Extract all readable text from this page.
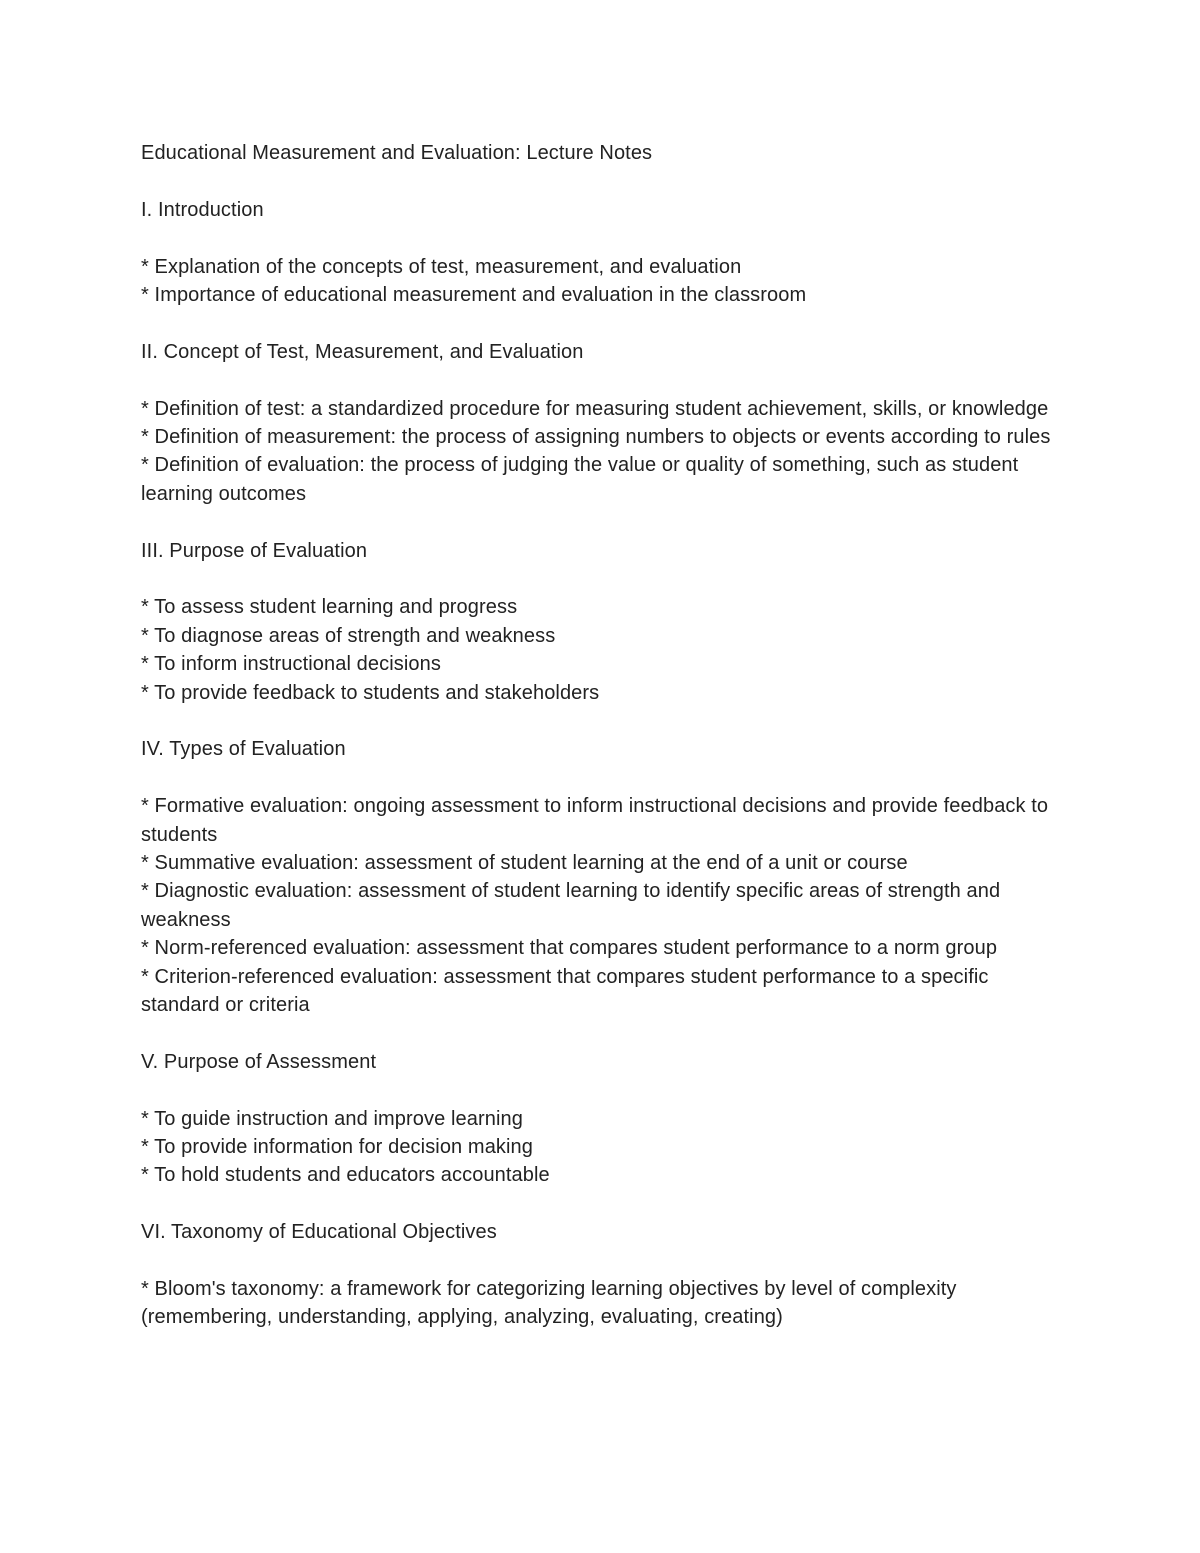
Educational Measurement and Evaluation: Lecture Notes

I. Introduction

* Explanation of the concepts of test, measurement, and evaluation

* Importance of educational measurement and evaluation in the classroom

II. Concept of Test, Measurement, and Evaluation

* Definition of test: a standardized procedure for measuring student achievement, skills, or knowledge

* Definition of measurement: the process of assigning numbers to objects or events according to rules

* Definition of evaluation: the process of judging the value or quality of something, such as student learning outcomes

III. Purpose of Evaluation

* To assess student learning and progress

* To diagnose areas of strength and weakness

* To inform instructional decisions

* To provide feedback to students and stakeholders

IV. Types of Evaluation

* Formative evaluation: ongoing assessment to inform instructional decisions and provide feedback to students

* Summative evaluation: assessment of student learning at the end of a unit or course

* Diagnostic evaluation: assessment of student learning to identify specific areas of strength and weakness

* Norm-referenced evaluation: assessment that compares student performance to a norm group

* Criterion-referenced evaluation: assessment that compares student performance to a specific standard or criteria

V. Purpose of Assessment

* To guide instruction and improve learning

* To provide information for decision making

* To hold students and educators accountable

VI. Taxonomy of Educational Objectives

* Bloom's taxonomy: a framework for categorizing learning objectives by level of complexity (remembering, understanding, applying, analyzing, evaluating, creating)
